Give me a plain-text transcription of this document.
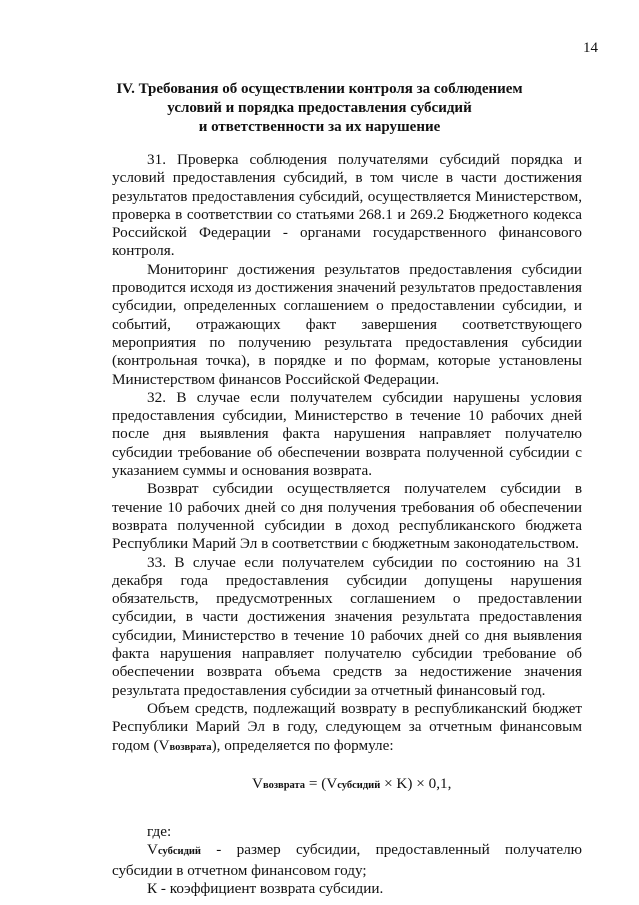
14
IV. Требования об осуществлении контроля за соблюдением
условий и порядка предоставления субсидий
и ответственности за их нарушение

31. Проверка соблюдения получателями субсидий порядка и условий предоставления субсидий, в том числе в части достижения результатов предоставления субсидий, осуществляется Министерством, проверка в соответствии со статьями 268.1 и 269.2 Бюджетного кодекса Российской Федерации - органами государственного финансового контроля.

Мониторинг достижения результатов предоставления субсидии проводится исходя из достижения значений результатов предоставления субсидии, определенных соглашением о предоставлении субсидии, и событий, отражающих факт завершения соответствующего мероприятия по получению результата предоставления субсидии (контрольная точка), в порядке и по формам, которые установлены Министерством финансов Российской Федерации.

32. В случае если получателем субсидии нарушены условия предоставления субсидии, Министерство в течение 10 рабочих дней после дня выявления факта нарушения направляет получателю субсидии требование об обеспечении возврата полученной субсидии с указанием суммы и основания возврата.

Возврат субсидии осуществляется получателем субсидии в течение 10 рабочих дней со дня получения требования об обеспечении возврата полученной субсидии в доход республиканского бюджета Республики Марий Эл в соответствии с бюджетным законодательством.

33. В случае если получателем субсидии по состоянию на 31 декабря года предоставления субсидии допущены нарушения обязательств, предусмотренных соглашением о предоставлении субсидии, в части достижения значения результата предоставления субсидии, Министерство в течение 10 рабочих дней со дня выявления факта нарушения направляет получателю субсидии требование об обеспечении возврата объема средств за недостижение значения результата предоставления субсидии за отчетный финансовый год.

Объем средств, подлежащий возврату в республиканский бюджет Республики Марий Эл в году, следующем за отчетным финансовым годом (Vвозврата), определяется по формуле:

Vвозврата = (Vсубсидий × K) × 0,1,

где:

Vсубсидий - размер субсидии, предоставленный получателю субсидии в отчетном финансовом году;

К - коэффициент возврата субсидии.
